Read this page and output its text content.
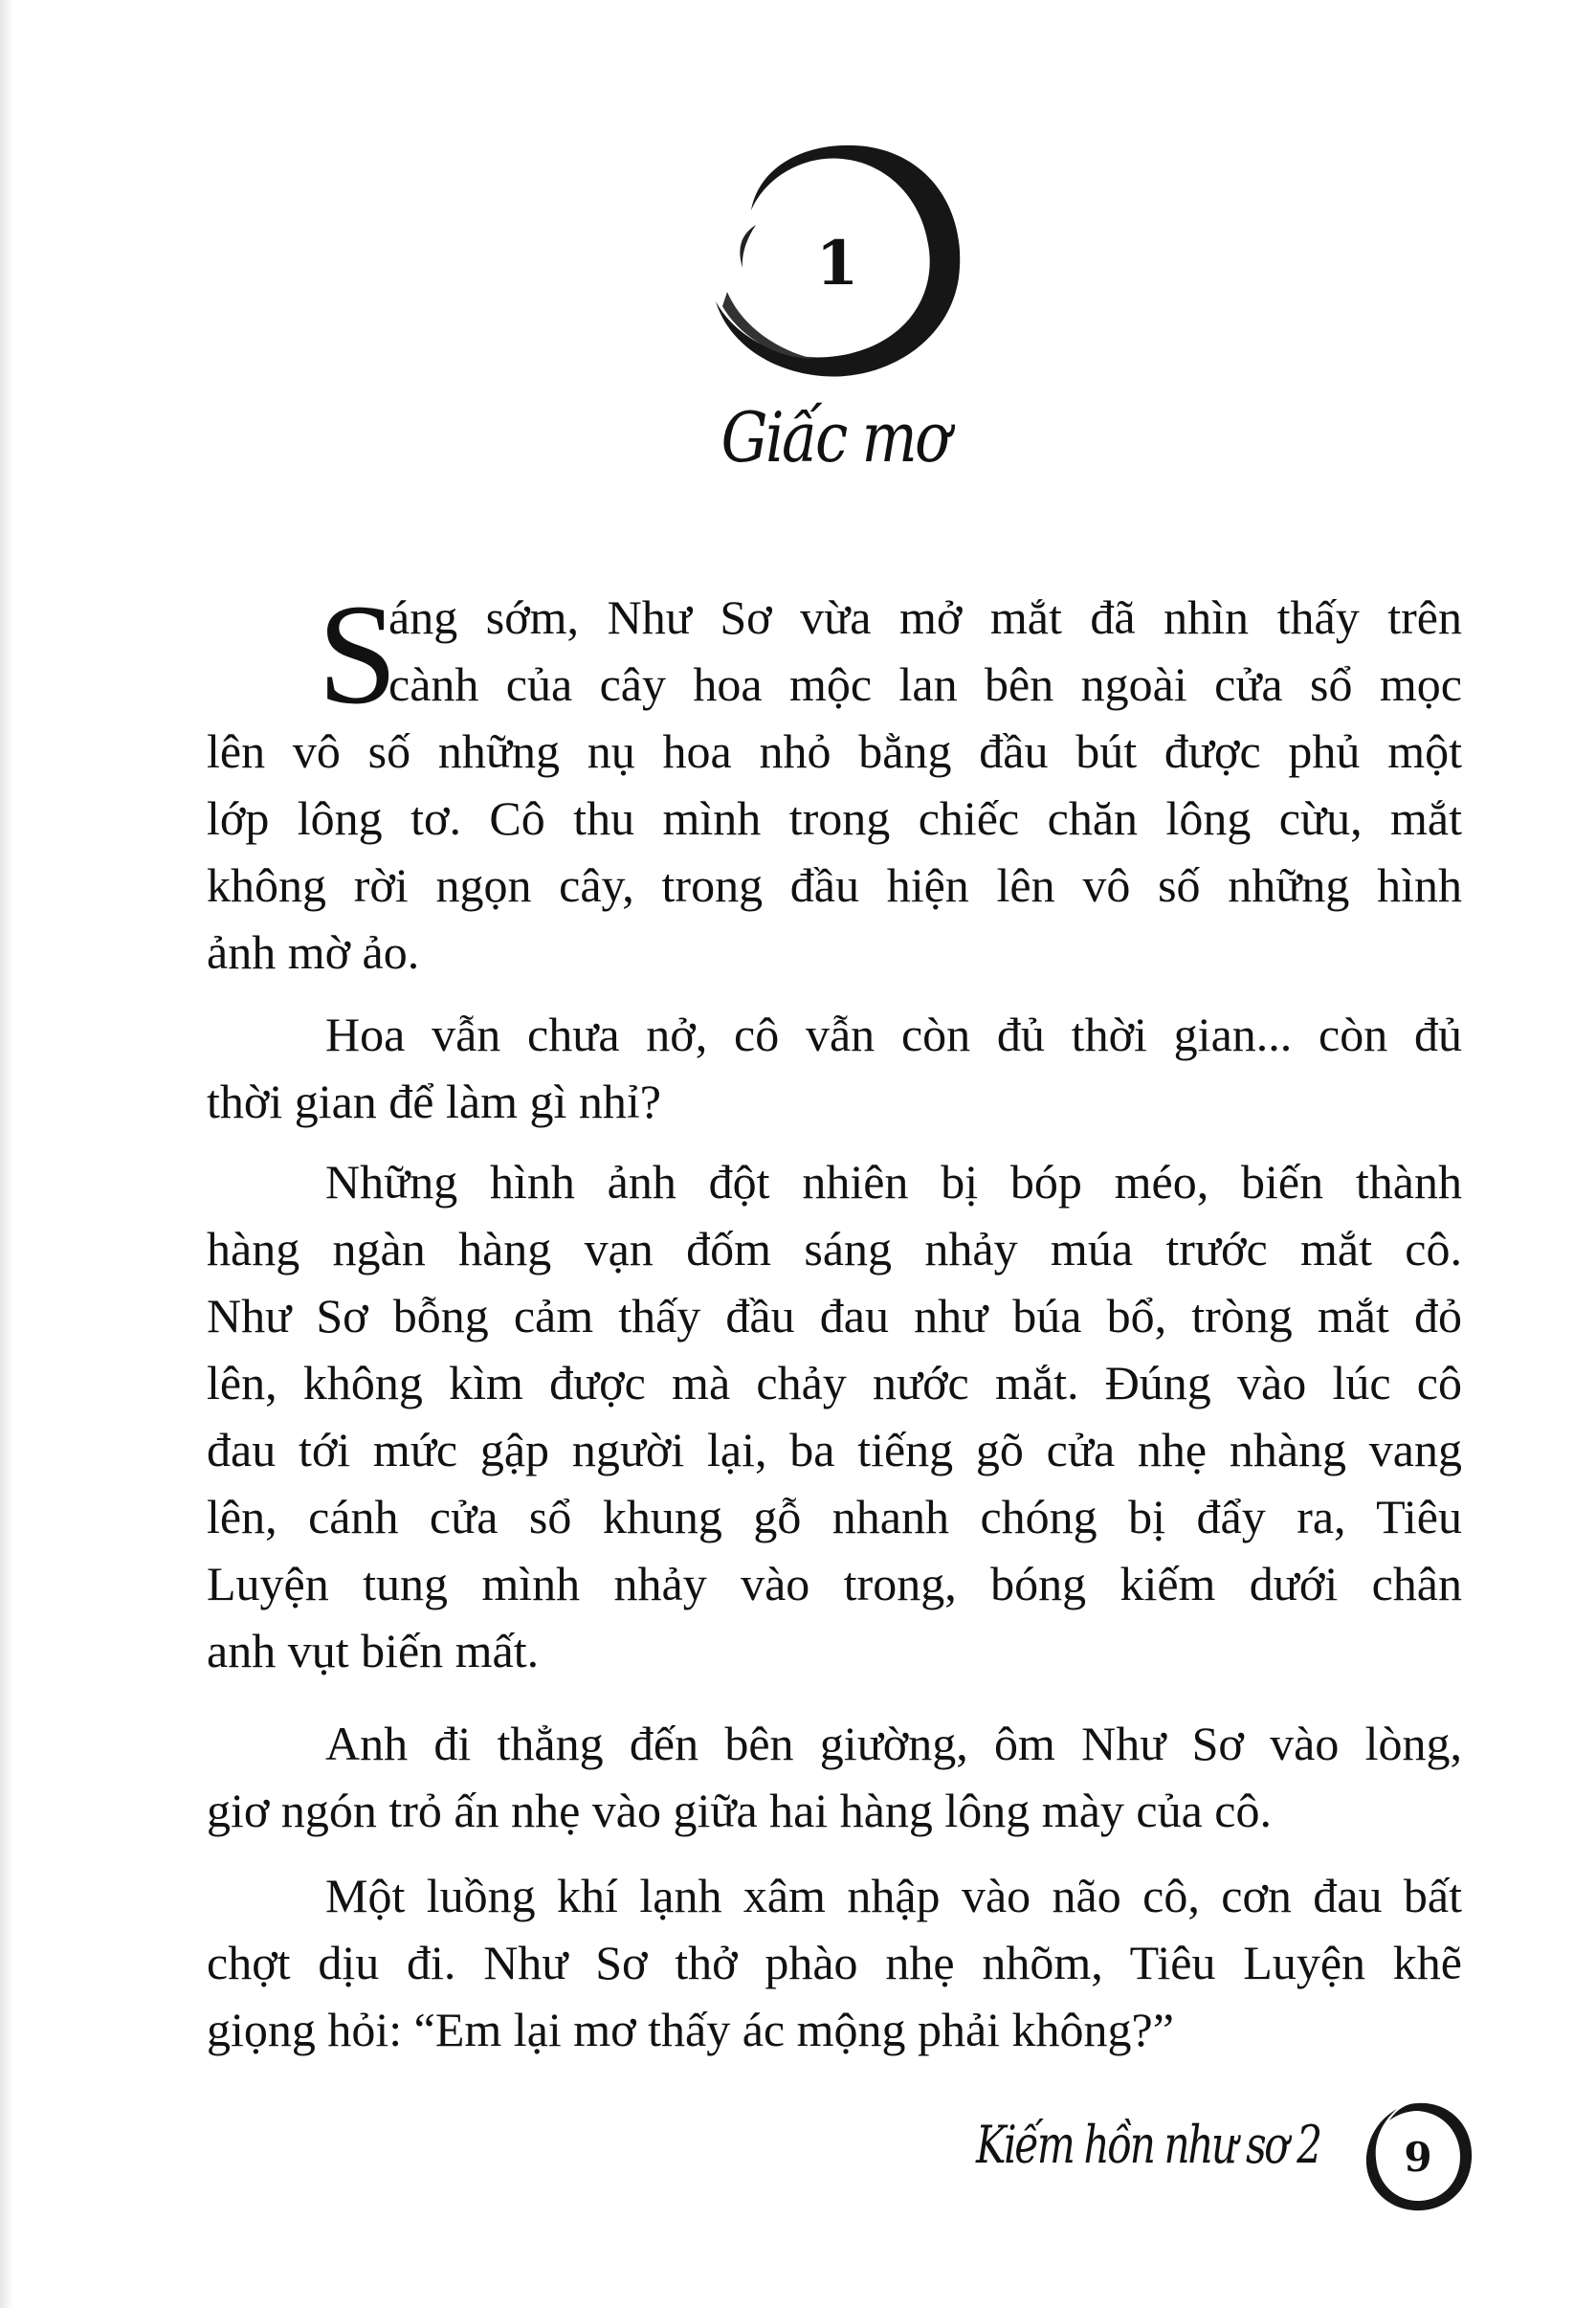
1
Giấc mơ
S
áng sớm, Như Sơ vừa mở mắt đã nhìn thấy trên
cành của cây hoa mộc lan bên ngoài cửa sổ mọc
lên vô số những nụ hoa nhỏ bằng đầu bút được phủ một
lớp lông tơ. Cô thu mình trong chiếc chăn lông cừu, mắt
không rời ngọn cây, trong đầu hiện lên vô số những hình
ảnh mờ ảo.
Hoa vẫn chưa nở, cô vẫn còn đủ thời gian... còn đủ
thời gian để làm gì nhỉ?
Những hình ảnh đột nhiên bị bóp méo, biến thành
hàng ngàn hàng vạn đốm sáng nhảy múa trước mắt cô.
Như Sơ bỗng cảm thấy đầu đau như búa bổ, tròng mắt đỏ
lên, không kìm được mà chảy nước mắt. Đúng vào lúc cô
đau tới mức gập người lại, ba tiếng gõ cửa nhẹ nhàng vang
lên, cánh cửa sổ khung gỗ nhanh chóng bị đẩy ra, Tiêu
Luyện tung mình nhảy vào trong, bóng kiếm dưới chân
anh vụt biến mất.
Anh đi thẳng đến bên giường, ôm Như Sơ vào lòng,
giơ ngón trỏ ấn nhẹ vào giữa hai hàng lông mày của cô.
Một luồng khí lạnh xâm nhập vào não cô, cơn đau bất
chợt dịu đi. Như Sơ thở phào nhẹ nhõm, Tiêu Luyện khẽ
giọng hỏi: “Em lại mơ thấy ác mộng phải không?”
Kiếm hồn như sơ 2	9
